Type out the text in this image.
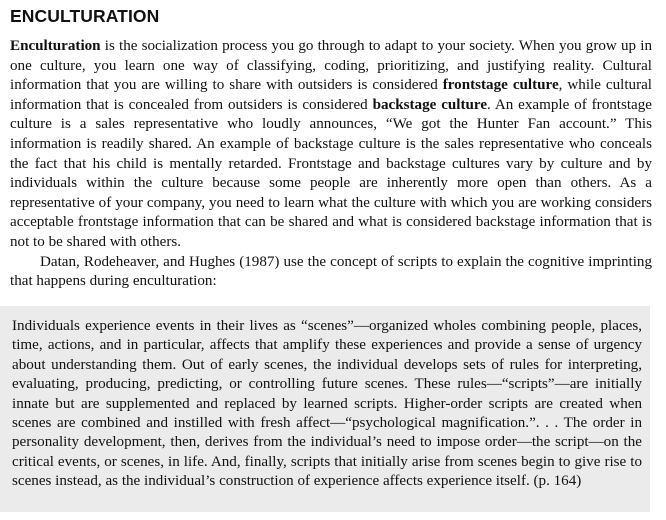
ENCULTURATION

Enculturation is the socialization process you go through to adapt to your society. When you grow up in one culture, you learn one way of classifying, coding, prioritizing, and justifying reality. Cultural information that you are willing to share with outsiders is considered frontstage culture, while cultural information that is concealed from outsiders is considered backstage culture. An example of frontstage culture is a sales representative who loudly announces, “We got the Hunter Fan account.” This information is readily shared. An example of backstage culture is the sales representative who conceals the fact that his child is mentally retarded. Frontstage and backstage cultures vary by culture and by individuals within the culture because some people are inherently more open than others. As a representative of your company, you need to learn what the culture with which you are working considers acceptable frontstage information that can be shared and what is considered backstage information that is not to be shared with others.

Datan, Rodeheaver, and Hughes (1987) use the concept of scripts to explain the cognitive imprinting that happens during enculturation:

Individuals experience events in their lives as “scenes”—organized wholes combining people, places, time, actions, and in particular, affects that amplify these experiences and provide a sense of urgency about understanding them. Out of early scenes, the individual develops sets of rules for interpreting, evaluating, producing, predicting, or controlling future scenes. These rules—“scripts”—are initially innate but are supplemented and replaced by learned scripts. Higher-order scripts are created when scenes are combined and instilled with fresh affect—“psychological magnification.”. . . The order in personality development, then, derives from the individual’s need to impose order—the script—on the critical events, or scenes, in life. And, finally, scripts that initially arise from scenes begin to give rise to scenes instead, as the individual’s construction of experience affects experience itself. (p. 164)
